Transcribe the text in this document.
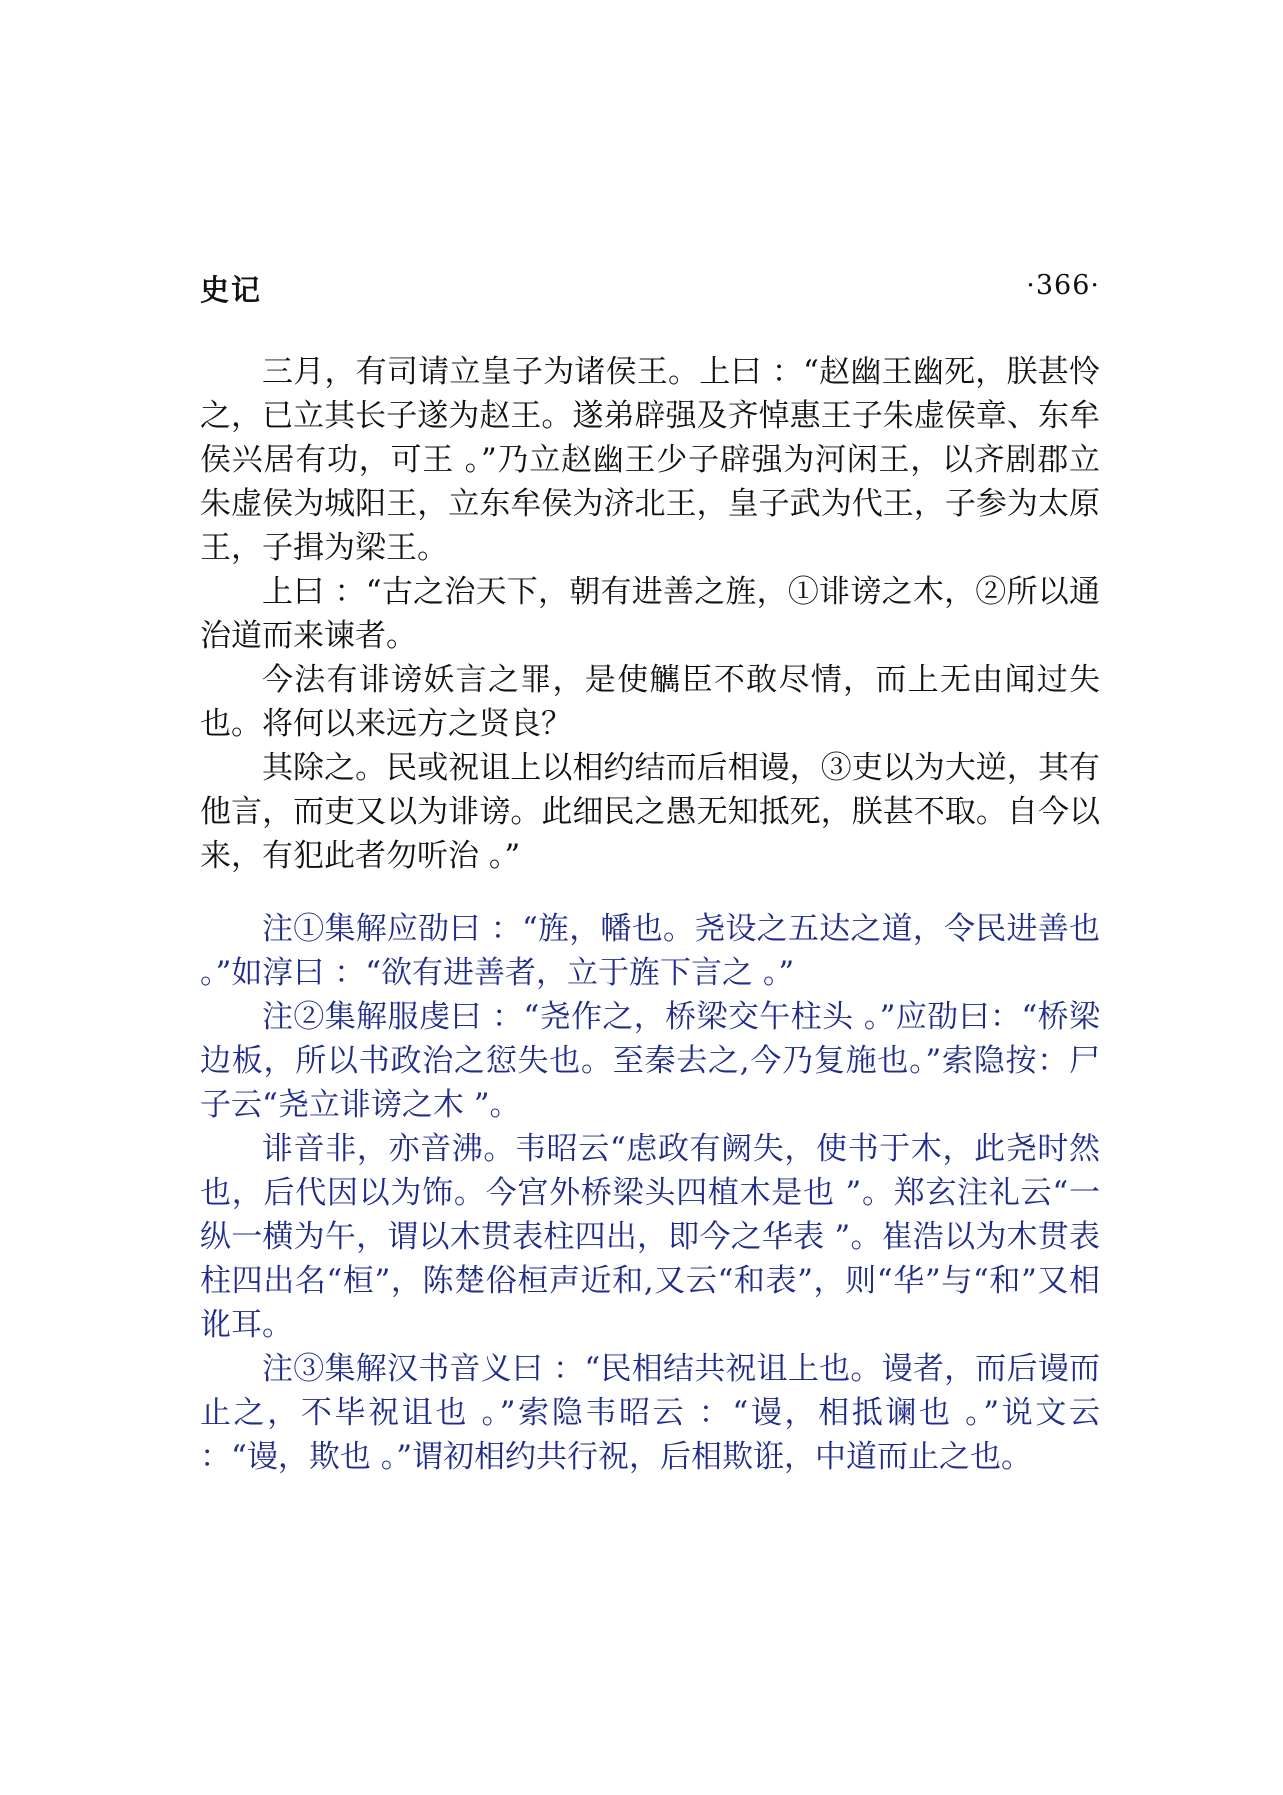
史记	·366·

三月，有司请立皇子为诸侯王。上曰 ：“赵幽王幽死，朕甚怜之，已立其长子遂为赵王。遂弟辟强及齐悼惠王子朱虚侯章、东牟侯兴居有功，可王 。”乃立赵幽王少子辟强为河闲王，以齐剧郡立朱虚侯为城阳王，立东牟侯为济北王，皇子武为代王，子参为太原王，子揖为梁王。

上曰 ：“古之治天下，朝有进善之旌，①诽谤之木，②所以通治道而来谏者。

今法有诽谤妖言之罪，是使觽臣不敢尽情，而上无由闻过失也。将何以来远方之贤良？

其除之。民或祝诅上以相约结而后相谩，③吏以为大逆，其有他言，而吏又以为诽谤。此细民之愚无知抵死，朕甚不取。自今以来，有犯此者勿听治 。”

注①集解应劭曰 ：“旌，幡也。尧设之五达之道，令民进善也 。”如淳曰 ：“欲有进善者，立于旌下言之 。”

注②集解服虔曰 ：“尧作之，桥梁交午柱头 。”应劭曰：“桥梁边板，所以书政治之愆失也。至秦去之,今乃复施也。”索隐按：尸子云“尧立诽谤之木 ”。

诽音非，亦音沸。韦昭云“虑政有阙失，使书于木，此尧时然也，后代因以为饰。今宫外桥梁头四植木是也 ”。郑玄注礼云“一纵一横为午，谓以木贯表柱四出，即今之华表 ”。崔浩以为木贯表柱四出名“桓”，陈楚俗桓声近和,又云“和表”，则“华”与“和”又相讹耳。

注③集解汉书音义曰 ：“民相结共祝诅上也。谩者，而后谩而止之，不毕祝诅也 。”索隐韦昭云 ：“谩，相抵谰也 。”说文云 ：“谩，欺也 。”谓初相约共行祝，后相欺诳，中道而止之也。
